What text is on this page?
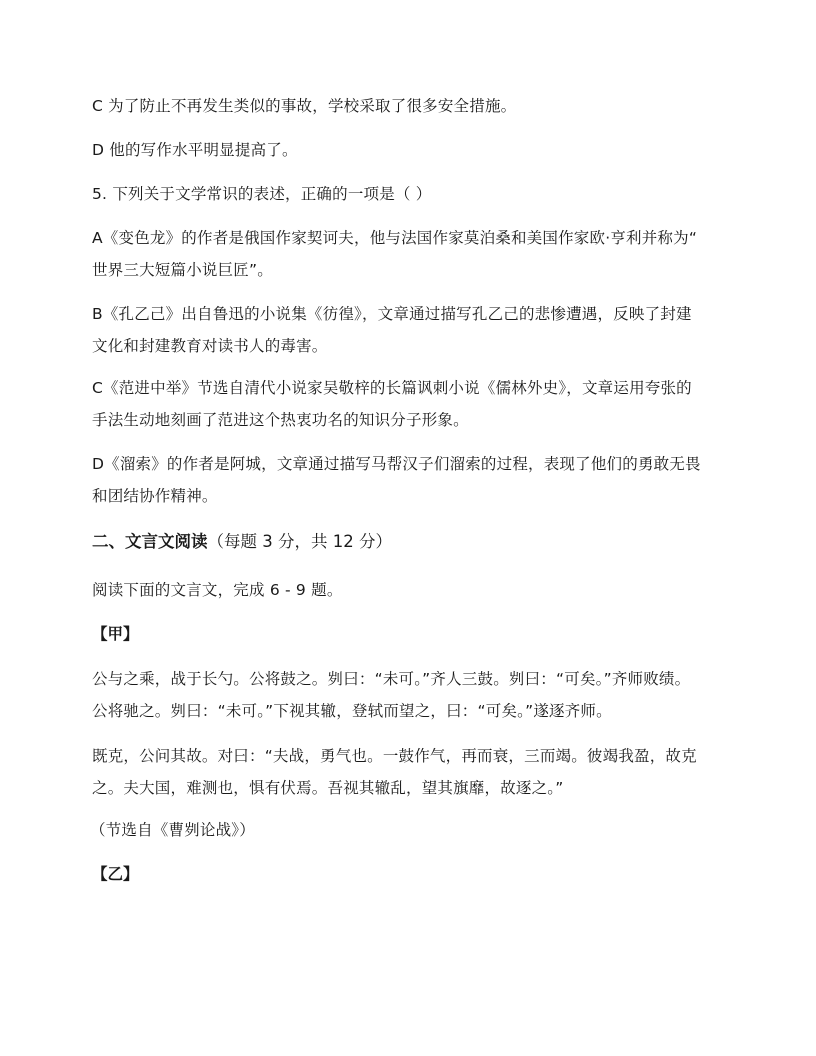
C 为了防止不再发生类似的事故，学校采取了很多安全措施。
D 他的写作水平明显提高了。
5. 下列关于文学常识的表述，正确的一项是（ ）
A《变色龙》的作者是俄国作家契诃夫，他与法国作家莫泊桑和美国作家欧·亨利并称为“
世界三大短篇小说巨匠”。
B《孔乙己》出自鲁迅的小说集《彷徨》，文章通过描写孔乙己的悲惨遭遇，反映了封建
文化和封建教育对读书人的毒害。
C《范进中举》节选自清代小说家吴敬梓的长篇讽刺小说《儒林外史》，文章运用夸张的
手法生动地刻画了范进这个热衷功名的知识分子形象。
D《溜索》的作者是阿城，文章通过描写马帮汉子们溜索的过程，表现了他们的勇敢无畏
和团结协作精神。
二、文言文阅读（每题 3 分，共 12 分）
阅读下面的文言文，完成 6 - 9 题。
【甲】
公与之乘，战于长勺。公将鼓之。刿曰：“未可。”齐人三鼓。刿曰：“可矣。”齐师败绩。
公将驰之。刿曰：“未可。”下视其辙，登轼而望之，曰：“可矣。”遂逐齐师。
既克，公问其故。对曰：“夫战，勇气也。一鼓作气，再而衰，三而竭。彼竭我盈，故克
之。夫大国，难测也，惧有伏焉。吾视其辙乱，望其旗靡，故逐之。”
（节选自《曹刿论战》）
【乙】
